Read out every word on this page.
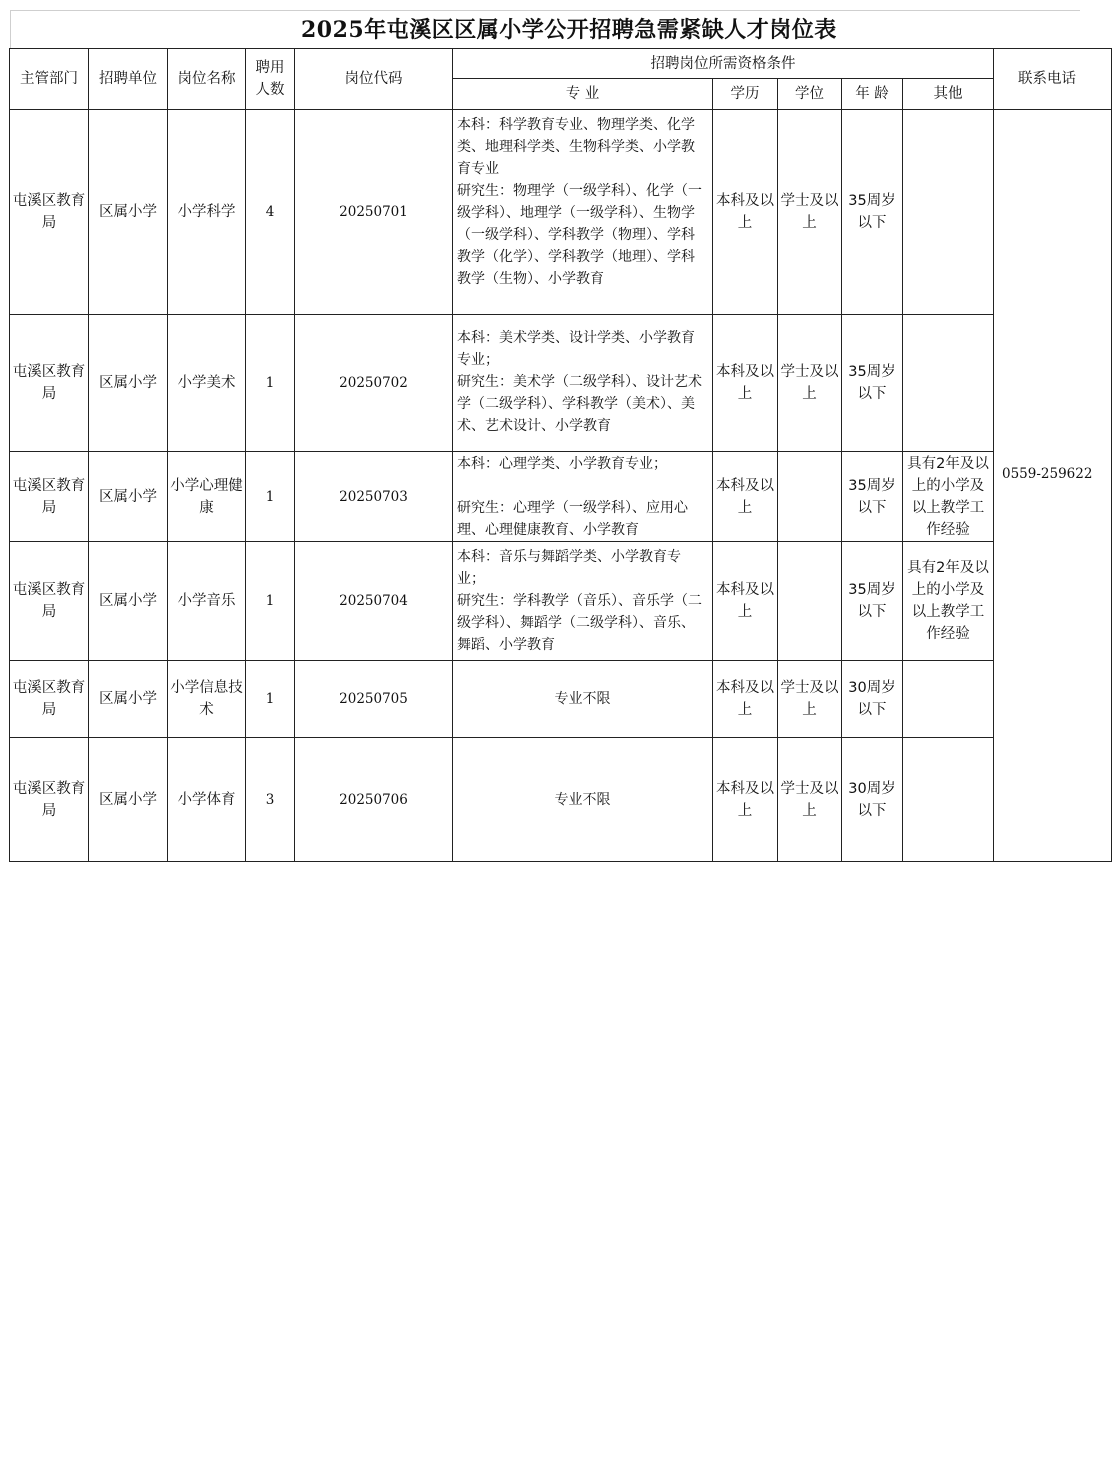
2025年屯溪区区属小学公开招聘急需紧缺人才岗位表
主管部门	招聘单位	岗位名称	聘用人数	岗位代码	招聘岗位所需资格条件					联系电话
					专 业	学历	学位	年 龄	其他	
屯溪区教育局	区属小学	小学科学	4	20250701	本科：科学教育专业、物理学类、化学类、地理科学类、生物科学类、小学教育专业
研究生：物理学（一级学科）、化学（一级学科）、地理学（一级学科）、生物学（一级学科）、学科教学（物理）、学科教学（化学）、学科教学（地理）、学科教学（生物）、小学教育	本科及以上	学士及以上	35周岁以下		0559-259622
屯溪区教育局	区属小学	小学美术	1	20250702	本科：美术学类、设计学类、小学教育专业；
研究生：美术学（二级学科）、设计艺术学（二级学科）、学科教学（美术）、美术、艺术设计、小学教育	本科及以上	学士及以上	35周岁以下		
屯溪区教育局	区属小学	小学心理健康	1	20250703	本科：心理学类、小学教育专业；
研究生：心理学（一级学科）、应用心理、心理健康教育、小学教育	本科及以上		35周岁以下	具有2年及以上的小学及以上教学工作经验	
屯溪区教育局	区属小学	小学音乐	1	20250704	本科：音乐与舞蹈学类、小学教育专业；
研究生：学科教学（音乐）、音乐学（二级学科）、舞蹈学（二级学科）、音乐、舞蹈、小学教育	本科及以上		35周岁以下	具有2年及以上的小学及以上教学工作经验	
屯溪区教育局	区属小学	小学信息技术	1	20250705	专业不限	本科及以上	学士及以上	30周岁以下		
屯溪区教育局	区属小学	小学体育	3	20250706	专业不限	本科及以上	学士及以上	30周岁以下		
